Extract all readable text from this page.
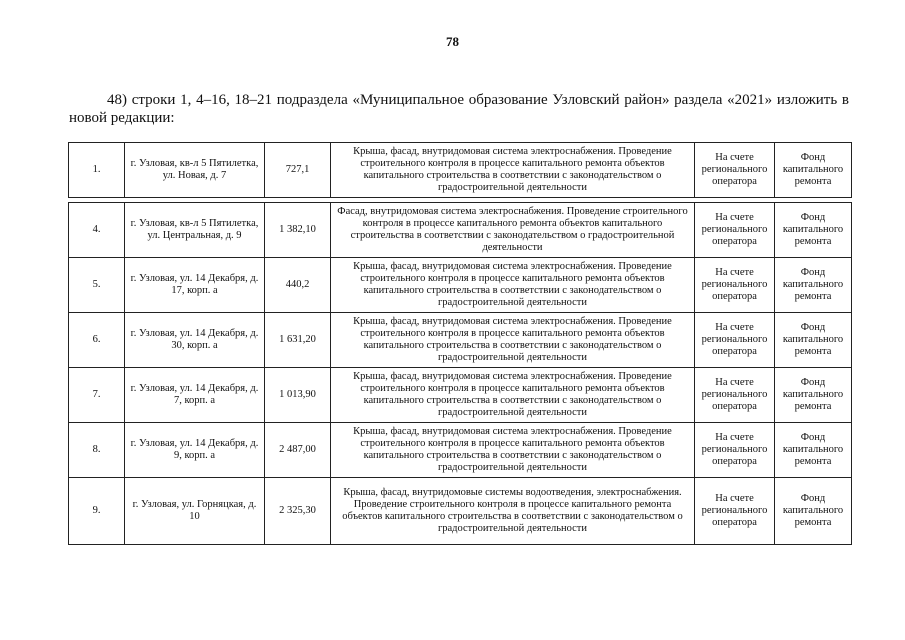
78
48) строки 1, 4–16, 18–21 подраздела «Муниципальное образование Узловский район» раздела «2021» изложить в новой редакции:
1.	г. Узловая, кв-л 5 Пятилетка, ул. Новая, д. 7	727,1	Крыша, фасад, внутридомовая система электроснабжения. Проведение строительного контроля в процессе капитального ремонта объектов капитального строительства в соответствии с законодательством о градостроительной деятельности	На счете регионального оператора	Фонд капитального ремонта

4.	г. Узловая, кв-л 5 Пятилетка, ул. Центральная, д. 9	1 382,10	Фасад, внутридомовая система электроснабжения. Проведение строительного контроля в процессе капитального ремонта объектов капитального строительства в соответствии с законодательством о градостроительной деятельности	На счете регионального оператора	Фонд капитального ремонта
5.	г. Узловая, ул. 14 Декабря, д. 17, корп. а	440,2	Крыша, фасад, внутридомовая система электроснабжения. Проведение строительного контроля в процессе капитального ремонта объектов капитального строительства в соответствии с законодательством о градостроительной деятельности	На счете регионального оператора	Фонд капитального ремонта
6.	г. Узловая, ул. 14 Декабря, д. 30, корп. а	1 631,20	Крыша, фасад, внутридомовая система электроснабжения. Проведение строительного контроля в процессе капитального ремонта объектов капитального строительства в соответствии с законодательством о градостроительной деятельности	На счете регионального оператора	Фонд капитального ремонта
7.	г. Узловая, ул. 14 Декабря, д. 7, корп. а	1 013,90	Крыша, фасад, внутридомовая система электроснабжения. Проведение строительного контроля в процессе капитального ремонта объектов капитального строительства в соответствии с законодательством о градостроительной деятельности	На счете регионального оператора	Фонд капитального ремонта
8.	г. Узловая, ул. 14 Декабря, д. 9, корп. а	2 487,00	Крыша, фасад, внутридомовая система электроснабжения. Проведение строительного контроля в процессе капитального ремонта объектов капитального строительства в соответствии с законодательством о градостроительной деятельности	На счете регионального оператора	Фонд капитального ремонта
9.	г. Узловая, ул. Горняцкая, д. 10	2 325,30	Крыша, фасад, внутридомовые системы водоотведения, электроснабжения. Проведение строительного контроля в процессе капитального ремонта объектов капитального строительства в соответствии с законодательством о градостроительной деятельности	На счете регионального оператора	Фонд капитального ремонта
